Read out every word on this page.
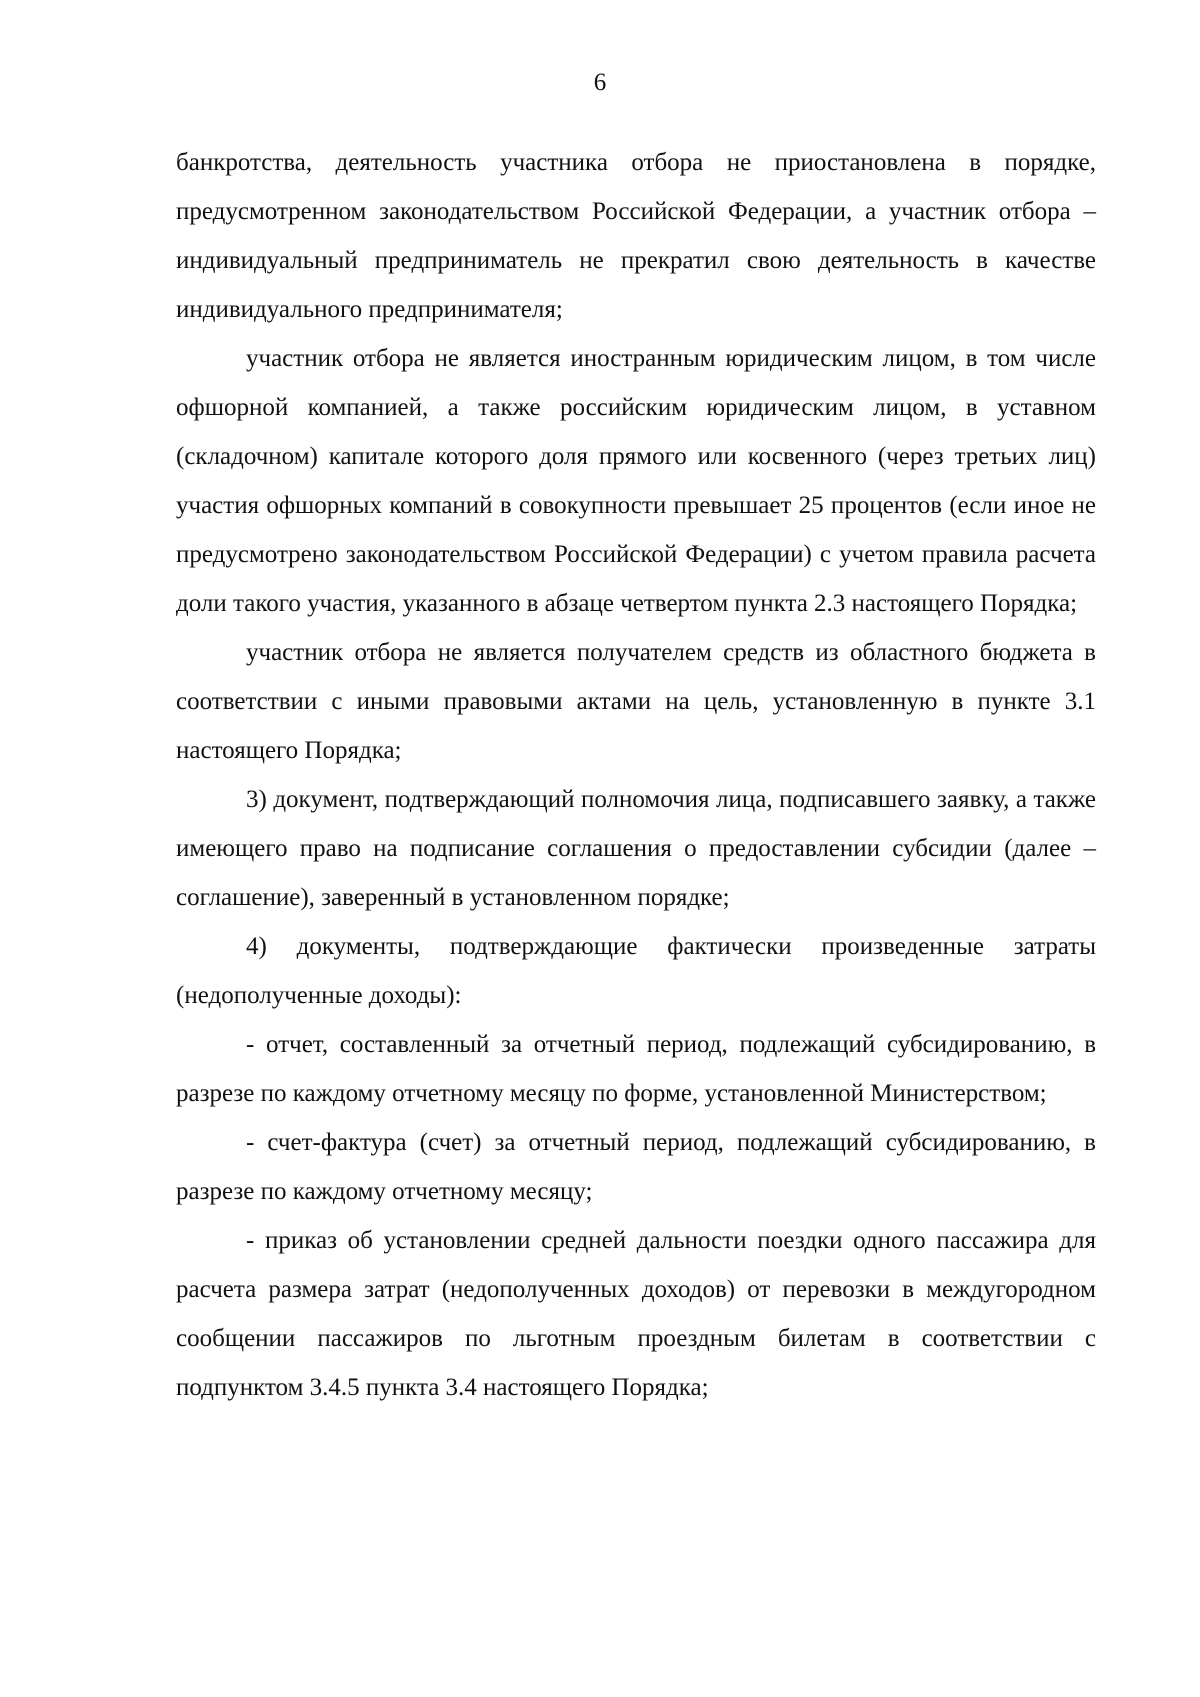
6

банкротства, деятельность участника отбора не приостановлена в порядке, предусмотренном законодательством Российской Федерации, а участник отбора – индивидуальный предприниматель не прекратил свою деятельность в качестве индивидуального предпринимателя;

участник отбора не является иностранным юридическим лицом, в том числе офшорной компанией, а также российским юридическим лицом, в уставном (складочном) капитале которого доля прямого или косвенного (через третьих лиц) участия офшорных компаний в совокупности превышает 25 процентов (если иное не предусмотрено законодательством Российской Федерации) с учетом правила расчета доли такого участия, указанного в абзаце четвертом пункта 2.3 настоящего Порядка;

участник отбора не является получателем средств из областного бюджета в соответствии с иными правовыми актами на цель, установленную в пункте 3.1 настоящего Порядка;

3) документ, подтверждающий полномочия лица, подписавшего заявку, а также имеющего право на подписание соглашения о предоставлении субсидии (далее – соглашение), заверенный в установленном порядке;

4) документы, подтверждающие фактически произведенные затраты (недополученные доходы):

- отчет, составленный за отчетный период, подлежащий субсидированию, в разрезе по каждому отчетному месяцу по форме, установленной Министерством;

- счет-фактура (счет) за отчетный период, подлежащий субсидированию, в разрезе по каждому отчетному месяцу;

- приказ об установлении средней дальности поездки одного пассажира для расчета размера затрат (недополученных доходов) от перевозки в междугородном сообщении пассажиров по льготным проездным билетам в соответствии с подпунктом 3.4.5 пункта 3.4 настоящего Порядка;
